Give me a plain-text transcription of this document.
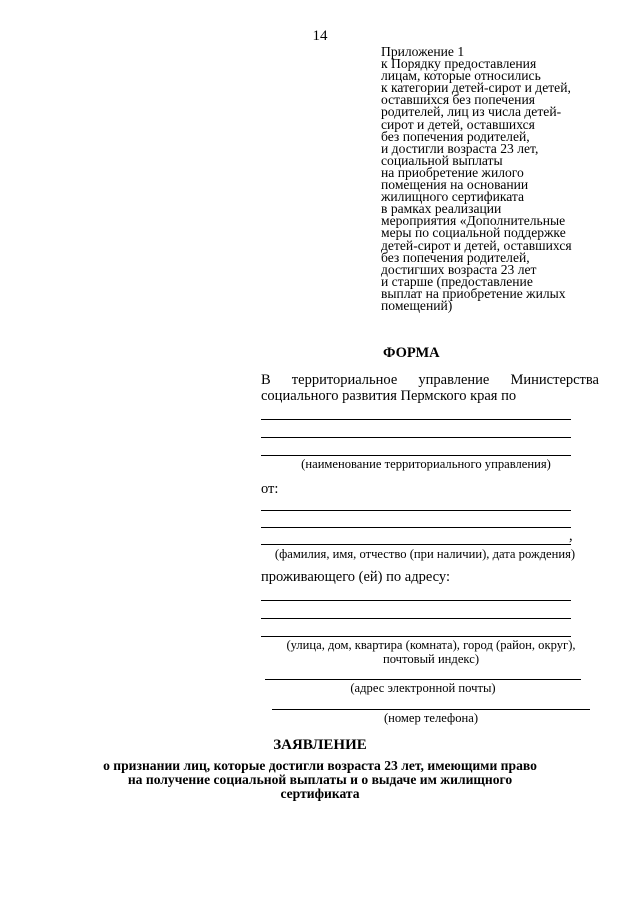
14
Приложение 1
к Порядку предоставления
лицам, которые относились
к категории детей-сирот и детей,
оставшихся без попечения
родителей, лиц из числа детей-
сирот и детей, оставшихся
без попечения родителей,
и достигли возраста 23 лет,
социальной выплаты
на приобретение жилого
помещения на основании
жилищного сертификата
в рамках реализации
мероприятия «Дополнительные
меры по социальной поддержке
детей-сирот и детей, оставшихся
без попечения родителей,
достигших возраста 23 лет
и старше (предоставление
выплат на приобретение жилых
помещений)
ФОРМА
В территориальное управление Министерства
социального развития Пермского края по
(наименование территориального управления)
от:
,
(фамилия, имя, отчество (при наличии), дата рождения)
проживающего (ей) по адресу:
(улица, дом, квартира (комната), город (район, округ),
почтовый индекс)
(адрес электронной почты)
(номер телефона)
ЗАЯВЛЕНИЕ
о признании лиц, которые достигли возраста 23 лет, имеющими право
на получение социальной выплаты и о выдаче им жилищного
сертификата
